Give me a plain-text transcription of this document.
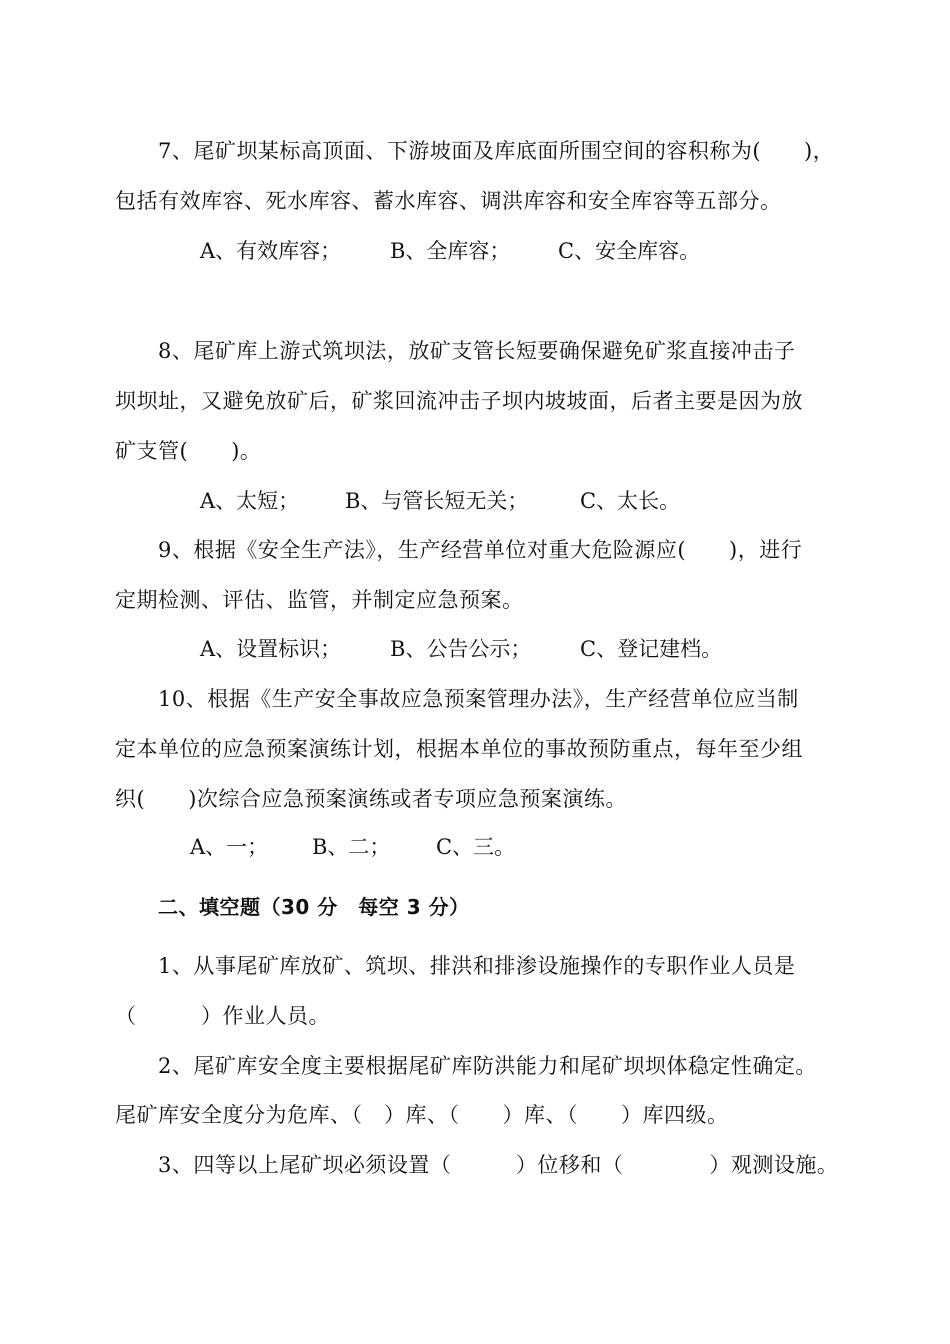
7、尾矿坝某标高顶面、下游坡面及库底面所围空间的容积称为(　　)，
包括有效库容、死水库容、蓄水库容、调洪库容和安全库容等五部分。
A、有效库容； B、全库容； C、安全库容。
8、尾矿库上游式筑坝法，放矿支管长短要确保避免矿浆直接冲击子
坝坝址，又避免放矿后，矿浆回流冲击子坝内坡坡面，后者主要是因为放
矿支管(　　)。
A、太短； B、与管长短无关； C、太长。
9、根据《安全生产法》，生产经营单位对重大危险源应(　　)，进行
定期检测、评估、监管，并制定应急预案。
A、设置标识； B、公告公示； C、登记建档。
10、根据《生产安全事故应急预案管理办法》，生产经营单位应当制
定本单位的应急预案演练计划，根据本单位的事故预防重点，每年至少组
织(　　)次综合应急预案演练或者专项应急预案演练。
A、一； B、二； C、三。
二、填空题（30 分　每空 3 分）
1、从事尾矿库放矿、筑坝、排洪和排渗设施操作的专职作业人员是
（　　　）作业人员。
2、尾矿库安全度主要根据尾矿库防洪能力和尾矿坝坝体稳定性确定。
尾矿库安全度分为危库、（　）库、（　　）库、（　　）库四级。
3、四等以上尾矿坝必须设置（　　　）位移和（　　　　）观测设施。
